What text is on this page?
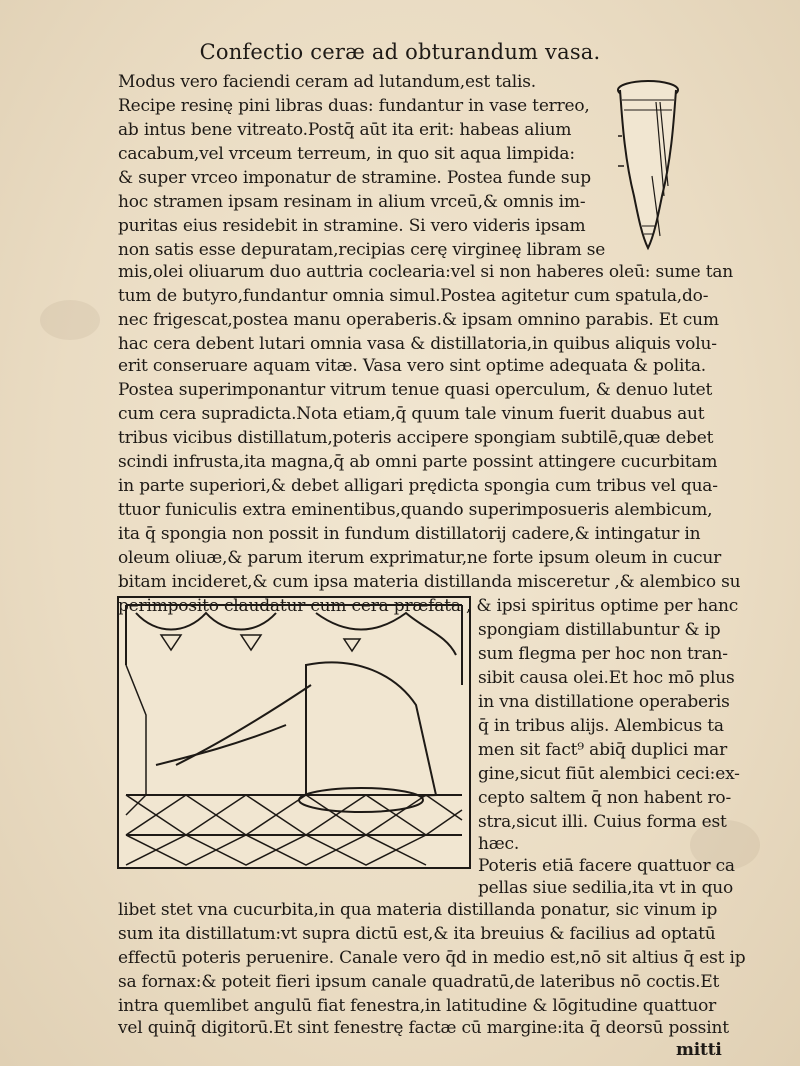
Confectio ceræ ad obturandum vasa.
Modus vero faciendi ceram ad lutandum,est talis.
Recipe resinę pini libras duas: fundantur in vase terreo,
ab intus bene vitreato.Postq̄ aūt ita erit: habeas alium
cacabum,vel vrceum terreum, in quo sit aqua limpida:
& super vrceo imponatur de stramine. Postea funde sup
hoc stramen ipsam resinam in alium vrceū,& omnis im-
puritas eius residebit in stramine. Si vero videris ipsam
non satis esse depuratam,recipias cerę virgineę libram se
mis,olei oliuarum duo auttria coclearia:vel si non haberes oleū: sume tan
tum de butyro,fundantur omnia simul.Postea agitetur cum spatula,do-
nec frigescat,postea manu operaberis.& ipsam omnino parabis. Et cum
hac cera debent lutari omnia vasa & distillatoria,in quibus aliquis volu-
erit conseruare aquam vitæ. Vasa vero sint optime adequata & polita.
Postea superimponantur vitrum tenue quasi operculum, & denuo lutet
cum cera supradicta.Nota etiam,q̄ quum tale vinum fuerit duabus aut
tribus vicibus distillatum,poteris accipere spongiam subtilē,quæ debet
scindi infrusta,ita magna,q̄ ab omni parte possint attingere cucurbitam
in parte superiori,& debet alligari prędicta spongia cum tribus vel qua-
ttuor funiculis extra eminentibus,quando superimposueris alembicum,
ita q̄ spongia non possit in fundum distillatorij cadere,& intingatur in
oleum oliuæ,& parum iterum exprimatur,ne forte ipsum oleum in cucur
bitam incideret,& cum ipsa materia distillanda misceretur ,& alembico su
perimposito claudatur cum cera præfata , & ipsi spiritus optime per hanc
spongiam distillabuntur & ip
sum flegma per hoc non tran-
sibit causa olei.Et hoc mō plus
in vna distillatione operaberis
q̄ in tribus alijs. Alembicus ta
men sit fact⁹ abiq̄ duplici mar
gine,sicut fiūt alembici ceci:ex-
cepto saltem q̄ non habent ro-
stra,sicut illi. Cuius forma est
hæc.
Poteris etiā facere quattuor ca
pellas siue sedilia,ita vt in quo
libet stet vna cucurbita,in qua materia distillanda ponatur, sic vinum ip
sum ita distillatum:vt supra dictū est,& ita breuius & facilius ad optatū
effectū poteris peruenire. Canale vero q̄d in medio est,nō sit altius q̄ est ip
sa fornax:& poteit fieri ipsum canale quadratū,de lateribus nō coctis.Et
intra quemlibet angulū fiat fenestra,in latitudine & lōgitudine quattuor
vel quinq̄ digitorū.Et sint fenestrę factæ cū margine:ita q̄ deorsū possint
mitti
